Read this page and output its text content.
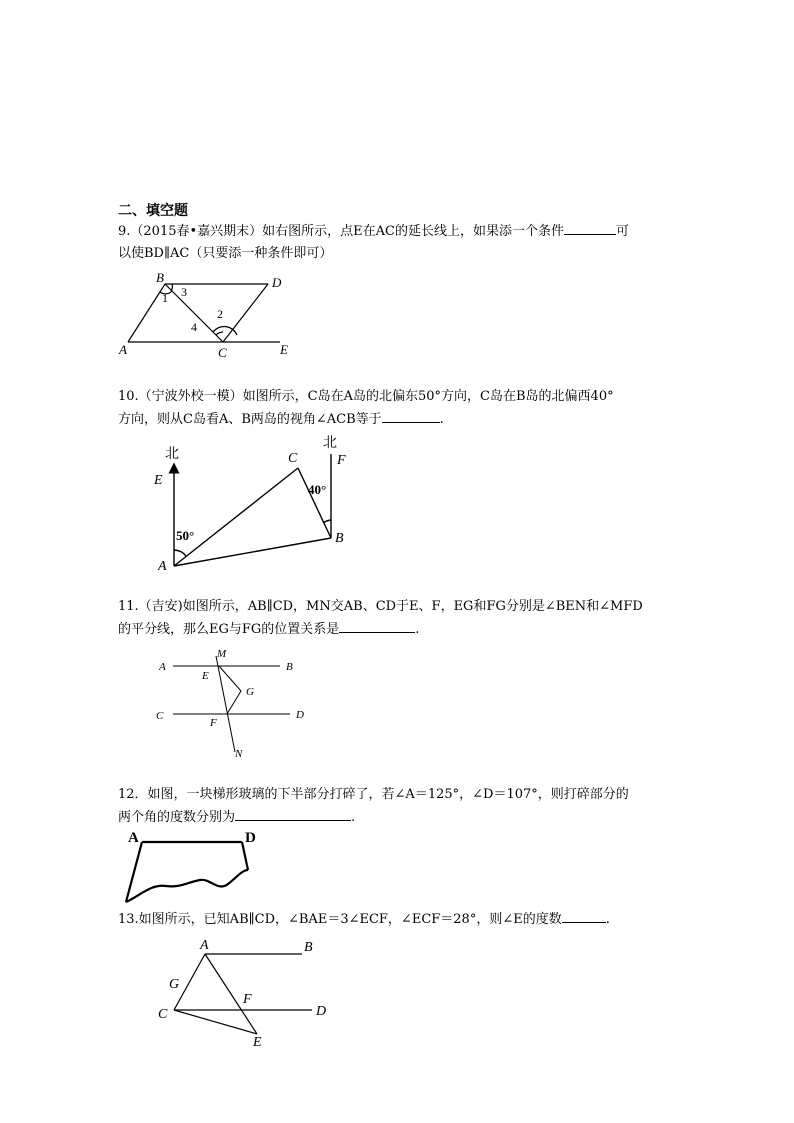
二、填空题
9.（2015春•嘉兴期末）如右图所示，点E在AC的延长线上，如果添一个条件	可
以使BD∥AC（只要添一种条件即可）
B	D
A	C	E
1 3
2
4
10.（宁波外校一模）如图所示，C岛在A岛的北偏东50°方向，C岛在B岛的北偏西40°
方向，则从C岛看A、B两岛的视角∠ACB等于	.
北
北
E
F
C
A
B
50°
40°
11.（吉安)如图所示，AB∥CD，MN交AB、CD于E、F，EG和FG分别是∠BEN和∠MFD
的平分线，那么EG与FG的位置关系是	.
A	B
C	D
M
N
E
F
G
12．如图，一块梯形玻璃的下半部分打碎了，若∠A＝125°，∠D＝107°，则打碎部分的
两个角的度数分别为	.
A	D
13.如图所示，已知AB∥CD，∠BAE＝3∠ECF，∠ECF＝28°，则∠E的度数	.
A	B
G
F
C	D
E
